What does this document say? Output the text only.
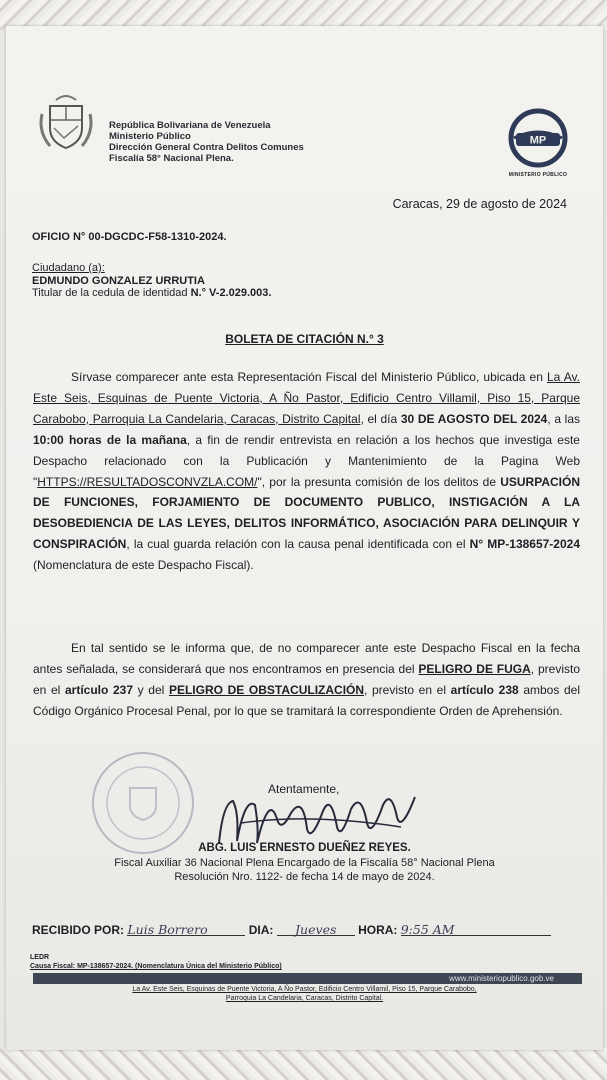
República Bolivariana de Venezuela
Ministerio Público
Dirección General Contra Delitos Comunes
Fiscalía 58° Nacional Plena.
MP
MINISTERIO PÚBLICO
Caracas, 29 de agosto de 2024
OFICIO N° 00-DGCDC-F58-1310-2024.
Ciudadano (a):
EDMUNDO GONZALEZ URRUTIA
Titular de la cedula de identidad N.° V-2.029.003.
BOLETA DE CITACIÓN N.° 3
Sírvase comparecer ante esta Representación Fiscal del Ministerio Público, ubicada en La Av. Este Seis, Esquinas de Puente Victoria, A Ño Pastor, Edificio Centro Villamil, Piso 15, Parque Carabobo, Parroquia La Candelaria, Caracas, Distrito Capital, el día 30 DE AGOSTO DEL 2024, a las 10:00 horas de la mañana, a fin de rendir entrevista en relación a los hechos que investiga este Despacho relacionado con la Publicación y Mantenimiento de la Pagina Web "HTTPS://RESULTADOSCONVZLA.COM/", por la presunta comisión de los delitos de USURPACIÓN DE FUNCIONES, FORJAMIENTO DE DOCUMENTO PUBLICO, INSTIGACIÓN A LA DESOBEDIENCIA DE LAS LEYES, DELITOS INFORMÁTICO, ASOCIACIÓN PARA DELINQUIR Y CONSPIRACIÓN, la cual guarda relación con la causa penal identificada con el N° MP-138657-2024 (Nomenclatura de este Despacho Fiscal).
En tal sentido se le informa que, de no comparecer ante este Despacho Fiscal en la fecha antes señalada, se considerará que nos encontramos en presencia del PELIGRO DE FUGA, previsto en el artículo 237 y del PELIGRO DE OBSTACULIZACIÓN, previsto en el artículo 238 ambos del Código Orgánico Procesal Penal, por lo que se tramitará la correspondiente Orden de Aprehensión.
Atentamente,
ABG. LUIS ERNESTO DUEÑEZ REYES.
Fiscal Auxiliar 36 Nacional Plena Encargado de la Fiscalía 58° Nacional Plena
Resolución Nro. 1122- de fecha 14 de mayo de 2024.
RECIBIDO POR: Luis Borrero	DIA: Jueves HORA: 9:55 AM
LEDR
Causa Fiscal: MP-138657-2024. (Nomenclatura Única del Ministerio Público)
www.ministeriopublico.gob.ve
La Av. Este Seis, Esquinas de Puente Victoria, A Ño Pastor, Edificio Centro Villamil, Piso 15, Parque Carabobo,
Parroquia La Candelaria, Caracas, Distrito Capital.
